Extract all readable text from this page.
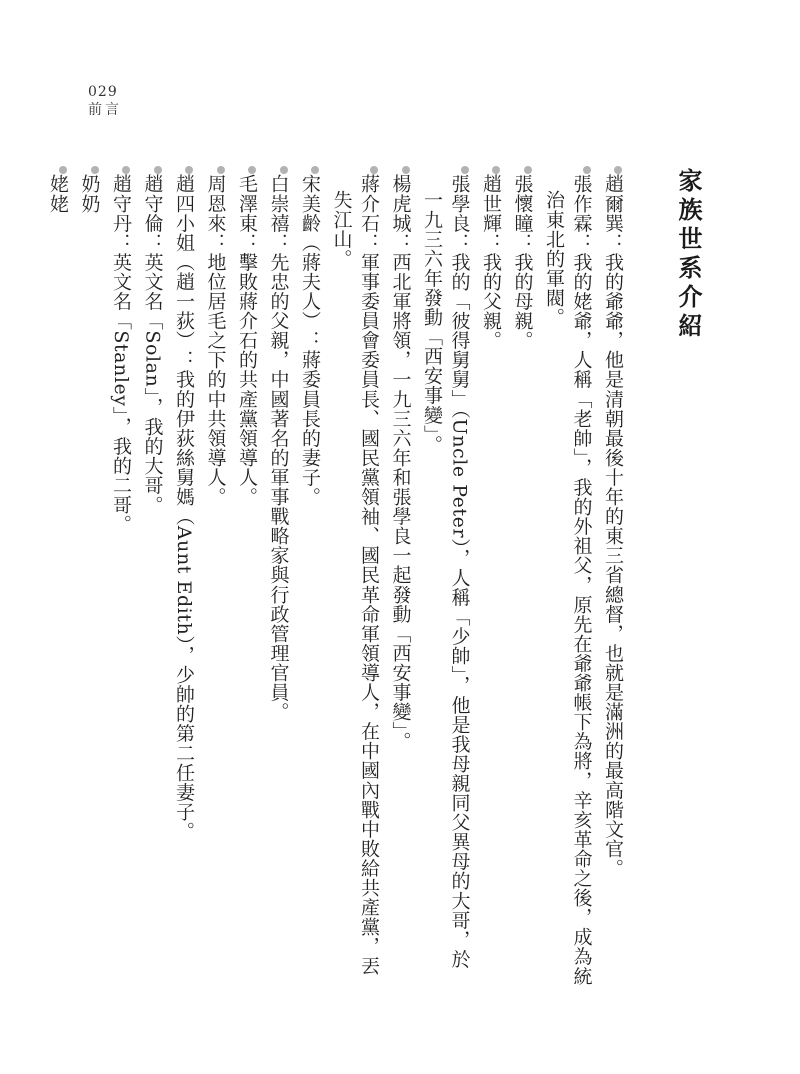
029
前言
家族世系介紹
趙爾巽：我的爺爺，他是清朝最後十年的東三省總督，也就是滿洲的最高階文官。
張作霖：我的姥爺，人稱「老帥」，我的外祖父，原先在爺爺帳下為將，辛亥革命之後，成為統治東北的軍閥。
張懷瞳：我的母親。
趙世輝：我的父親。
張學良：我的「彼得舅舅」（Uncle Peter），人稱「少帥」，他是我母親同父異母的大哥，於一九三六年發動「西安事變」。
楊虎城：西北軍將領，一九三六年和張學良一起發動「西安事變」。
蔣介石：軍事委員會委員長、國民黨領袖、國民革命軍領導人，在中國內戰中敗給共產黨，丟失江山。
宋美齡（蔣夫人）：蔣委員長的妻子。
白崇禧：先忠的父親，中國著名的軍事戰略家與行政管理官員。
毛澤東：擊敗蔣介石的共產黨領導人。
周恩來：地位居毛之下的中共領導人。
趙四小姐（趙一荻）：我的伊荻絲舅媽（Aunt Edith），少帥的第二任妻子。
趙守倫：英文名「Solan」，我的大哥。
趙守丹：英文名「Stanley」，我的二哥。
奶奶
姥姥
